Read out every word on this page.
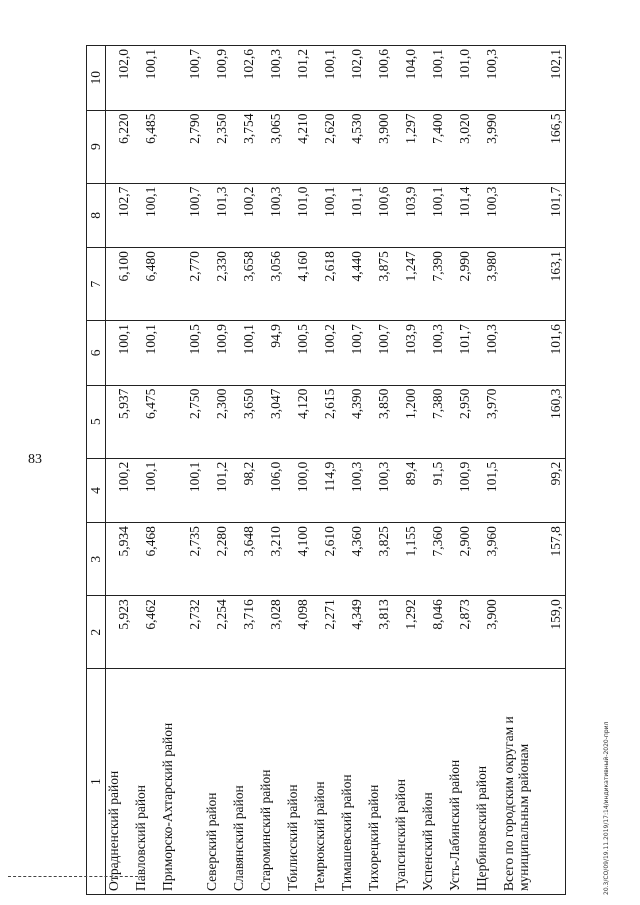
83
1	2	3	4	5	6	7	8	9	10
Отрадненский район	5,923	5,934	100,2	5,937	100,1	6,100	102,7	6,220	102,0
Павловский район	6,462	6,468	100,1	6,475	100,1	6,480	100,1	6,485	100,1
Приморско-Ахтарский район	2,732	2,735	100,1	2,750	100,5	2,770	100,7	2,790	100,7
Северский район	2,254	2,280	101,2	2,300	100,9	2,330	101,3	2,350	100,9
Славянский район	3,716	3,648	98,2	3,650	100,1	3,658	100,2	3,754	102,6
Староминский район	3,028	3,210	106,0	3,047	94,9	3,056	100,3	3,065	100,3
Тбилисский район	4,098	4,100	100,0	4,120	100,5	4,160	101,0	4,210	101,2
Темрюкский район	2,271	2,610	114,9	2,615	100,2	2,618	100,1	2,620	100,1
Тимашевский район	4,349	4,360	100,3	4,390	100,7	4,440	101,1	4,530	102,0
Тихорецкий район	3,813	3,825	100,3	3,850	100,7	3,875	100,6	3,900	100,6
Туапсинский район	1,292	1,155	89,4	1,200	103,9	1,247	103,9	1,297	104,0
Успенский район	8,046	7,360	91,5	7,380	100,3	7,390	100,1	7,400	100,1
Усть-Лабинский район	2,873	2,900	100,9	2,950	101,7	2,990	101,4	3,020	101,0
Щербиновский район	3,900	3,960	101,5	3,970	100,3	3,980	100,3	3,990	100,3
Всего по городским округам и муниципальным районам	159,0	157,8	99,2	160,3	101,6	163,1	101,7	166,5	102,1
20.3/CO/09/19.11.2019/17:14/индикативный-2020-прил
